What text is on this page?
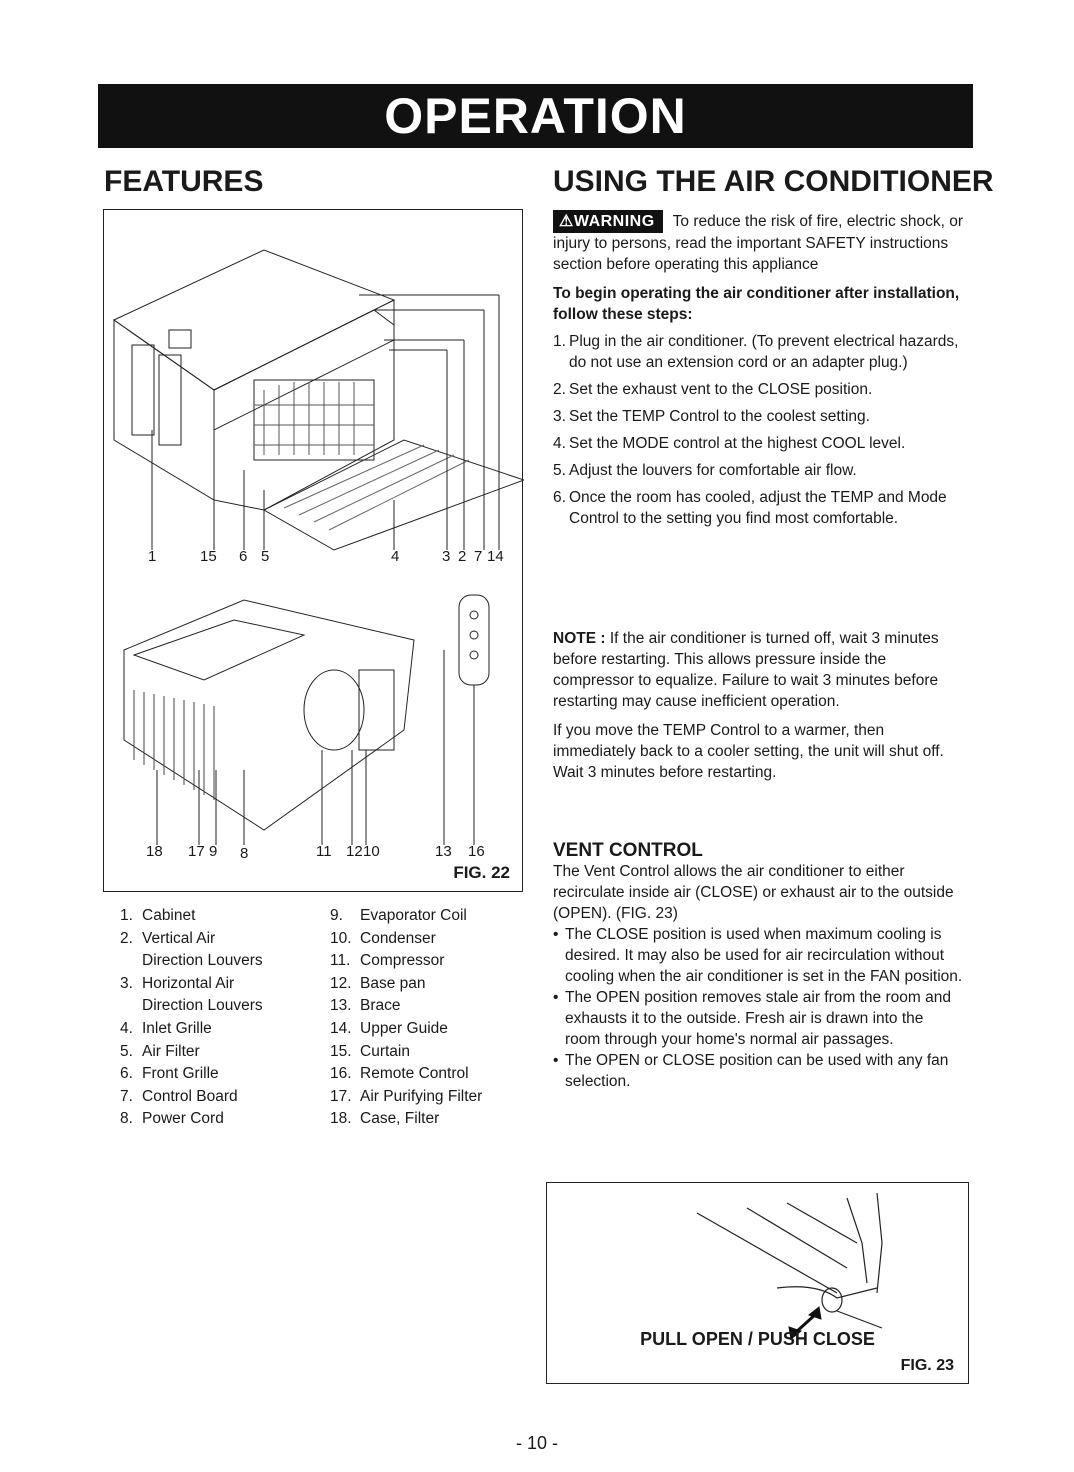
OPERATION
FEATURES	USING THE AIR CONDITIONER
1	15 6 5	4	3 2 7 14
18 17 9 8	11 12 10	13 16
FIG. 22
1. Cabinet
2. Vertical Air
Direction Louvers
3. Horizontal Air
Direction Louvers
4. Inlet Grille
5. Air Filter
6. Front Grille
7. Control Board
8. Power Cord
9. Evaporator Coil
10. Condenser
11. Compressor
12. Base pan
13. Brace
14. Upper Guide
15. Curtain
16. Remote Control
17. Air Purifying Filter
18. Case, Filter
⚠WARNING To reduce the risk of fire, electric shock, or injury to persons, read the important SAFETY instructions section before operating this appliance
To begin operating the air conditioner after installation, follow these steps:
1. Plug in the air conditioner. (To prevent electrical hazards, do not use an extension cord or an adapter plug.)
2. Set the exhaust vent to the CLOSE position.
3. Set the TEMP Control to the coolest setting.
4. Set the MODE control at the highest COOL level.
5. Adjust the louvers for comfortable air flow.
6. Once the room has cooled, adjust the TEMP and Mode Control to the setting you find most comfortable.
NOTE : If the air conditioner is turned off, wait 3 minutes before restarting. This allows pressure inside the compressor to equalize. Failure to wait 3 minutes before restarting may cause inefficient operation.
If you move the TEMP Control to a warmer, then immediately back to a cooler setting, the unit will shut off. Wait 3 minutes before restarting.
VENT CONTROL
The Vent Control allows the air conditioner to either recirculate inside air (CLOSE) or exhaust air to the outside (OPEN). (FIG. 23)
• The CLOSE position is used when maximum cooling is desired. It may also be used for air recirculation without cooling when the air conditioner is set in the FAN position.
• The OPEN position removes stale air from the room and exhausts it to the outside. Fresh air is drawn into the room through your home's normal air passages.
• The OPEN or CLOSE position can be used with any fan selection.
PULL OPEN / PUSH CLOSE
FIG. 23
- 10 -
